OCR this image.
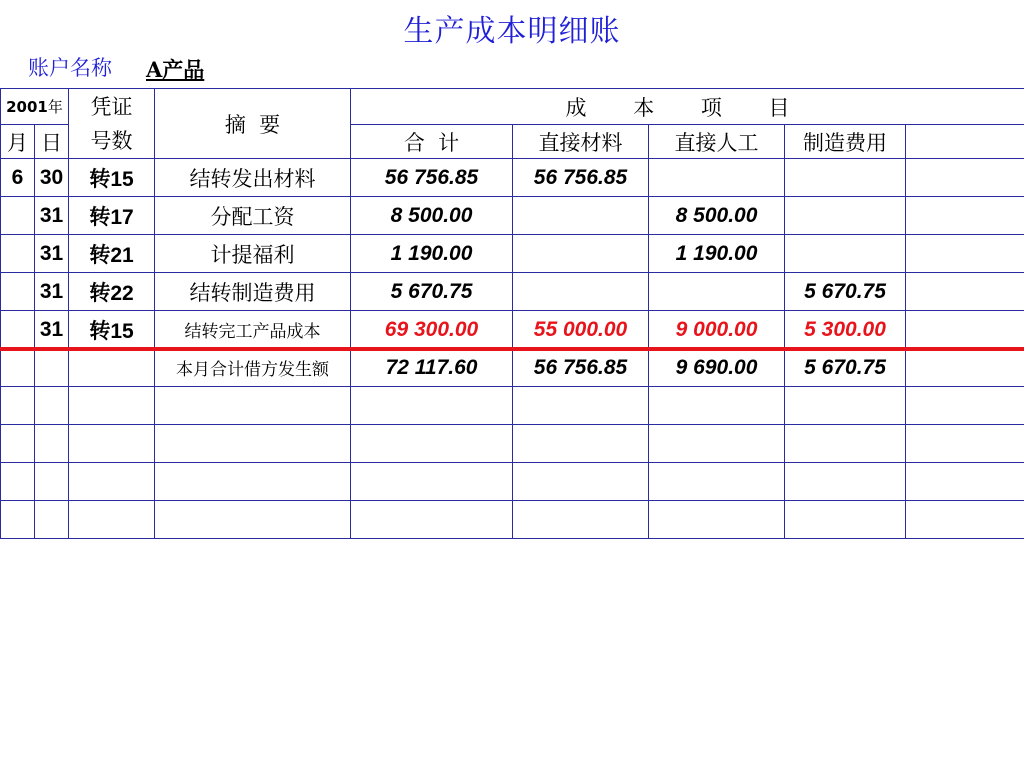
生产成本明细账
账户名称 A产品
2001年		凭证
号数	摘  要	成 本 项 目				
月	日			合  计	直接材料	直接人工	制造费用	
6	30	转15	结转发出材料	56 756.85	56 756.85			
	31	转17	分配工资	8 500.00		8 500.00		
	31	转21	计提福利	1 190.00		1 190.00		
	31	转22	结转制造费用	5 670.75			5 670.75	
	31	转15	结转完工产品成本	69 300.00	55 000.00	9 000.00	5 300.00	
			本月合计借方发生额	72 117.60	56 756.85	9 690.00	5 670.75	
